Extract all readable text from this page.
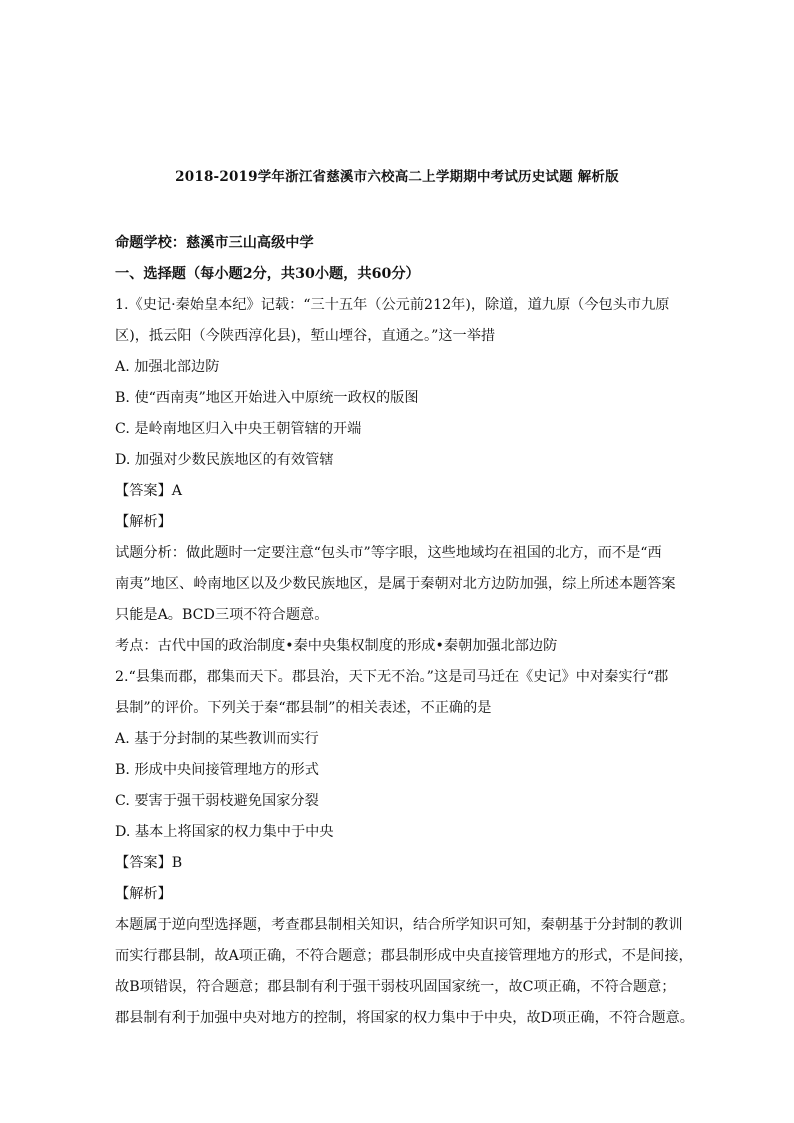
2018-2019学年浙江省慈溪市六校高二上学期期中考试历史试题 解析版
命题学校：慈溪市三山高级中学
一、选择题（每小题2分，共30小题，共60分）
1.《史记·秦始皇本纪》记载：“三十五年（公元前212年)，除道，道九原（今包头市九原
区)，抵云阳（今陕西淳化县)，堑山堙谷，直通之。”这一举措
A. 加强北部边防
B. 使“西南夷”地区开始进入中原统一政权的版图
C. 是岭南地区归入中央王朝管辖的开端
D. 加强对少数民族地区的有效管辖
【答案】A
【解析】
试题分析：做此题时一定要注意“包头市”等字眼，这些地域均在祖国的北方，而不是“西
南夷”地区、岭南地区以及少数民族地区，是属于秦朝对北方边防加强，综上所述本题答案
只能是A。BCD三项不符合题意。
考点：古代中国的政治制度•秦中央集权制度的形成•秦朝加强北部边防
2.“县集而郡，郡集而天下。郡县治，天下无不治。”这是司马迁在《史记》中对秦实行“郡
县制”的评价。下列关于秦“郡县制”的相关表述，不正确的是
A. 基于分封制的某些教训而实行
B. 形成中央间接管理地方的形式
C. 要害于强干弱枝避免国家分裂
D. 基本上将国家的权力集中于中央
【答案】B
【解析】
本题属于逆向型选择题，考查郡县制相关知识，结合所学知识可知，秦朝基于分封制的教训
而实行郡县制，故A项正确，不符合题意；郡县制形成中央直接管理地方的形式，不是间接，
故B项错误，符合题意；郡县制有利于强干弱枝巩固国家统一，故C项正确，不符合题意；
郡县制有利于加强中央对地方的控制，将国家的权力集中于中央，故D项正确，不符合题意。
